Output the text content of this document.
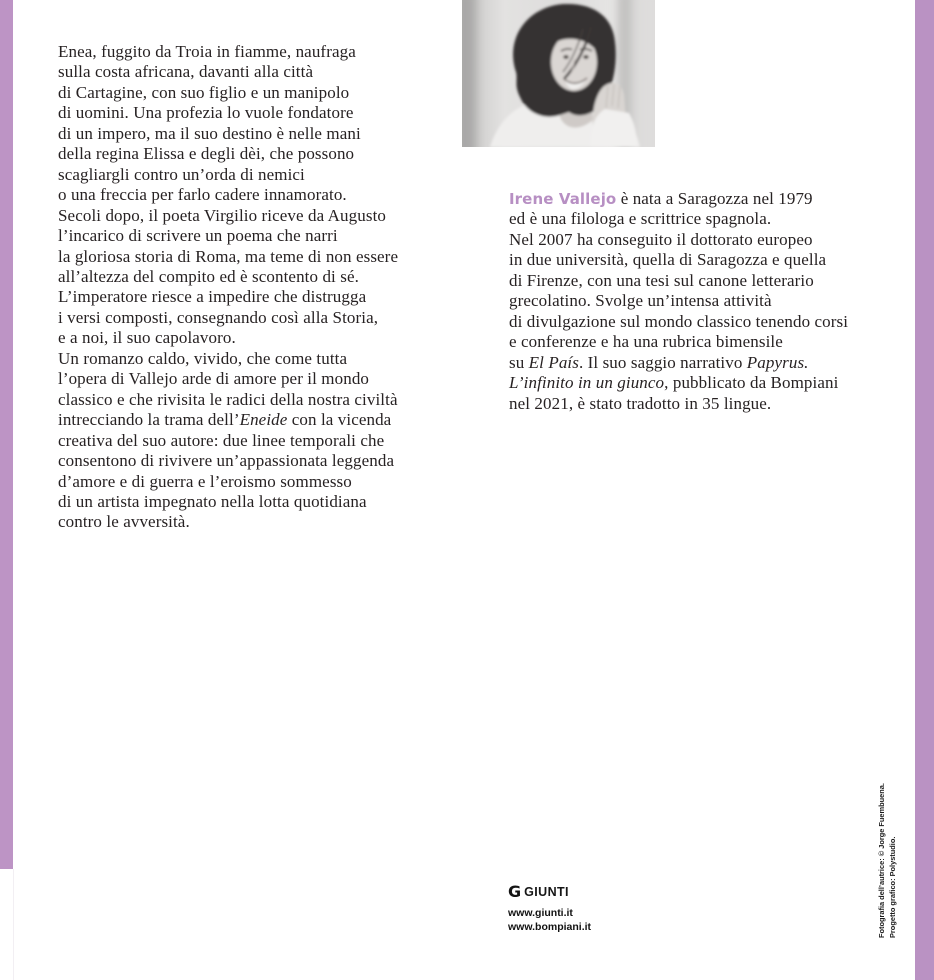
Enea, fuggito da Troia in fiamme, naufraga
sulla costa africana, davanti alla città
di Cartagine, con suo figlio e un manipolo
di uomini. Una profezia lo vuole fondatore
di un impero, ma il suo destino è nelle mani
della regina Elissa e degli dèi, che possono
scagliargli contro un’orda di nemici
o una freccia per farlo cadere innamorato.
Secoli dopo, il poeta Virgilio riceve da Augusto
l’incarico di scrivere un poema che narri
la gloriosa storia di Roma, ma teme di non essere
all’altezza del compito ed è scontento di sé.
L’imperatore riesce a impedire che distrugga
i versi composti, consegnando così alla Storia,
e a noi, il suo capolavoro.
Un romanzo caldo, vivido, che come tutta
l’opera di Vallejo arde di amore per il mondo
classico e che rivisita le radici della nostra civiltà
intrecciando la trama dell’Eneide con la vicenda
creativa del suo autore: due linee temporali che
consentono di rivivere un’appassionata leggenda
d’amore e di guerra e l’eroismo sommesso
di un artista impegnato nella lotta quotidiana
contro le avversità.
Irene Vallejo è nata a Saragozza nel 1979
ed è una filologa e scrittrice spagnola.
Nel 2007 ha conseguito il dottorato europeo
in due università, quella di Saragozza e quella
di Firenze, con una tesi sul canone letterario
grecolatino. Svolge un’intensa attività
di divulgazione sul mondo classico tenendo corsi
e conferenze e ha una rubrica bimensile
su El País. Il suo saggio narrativo Papyrus.
L’infinito in un giunco, pubblicato da Bompiani
nel 2021, è stato tradotto in 35 lingue.
G GIUNTI
www.giunti.it
www.bompiani.it	Fotografia dell’autrice: © Jorge Fuembuena. Progetto grafico: Polystudio.
